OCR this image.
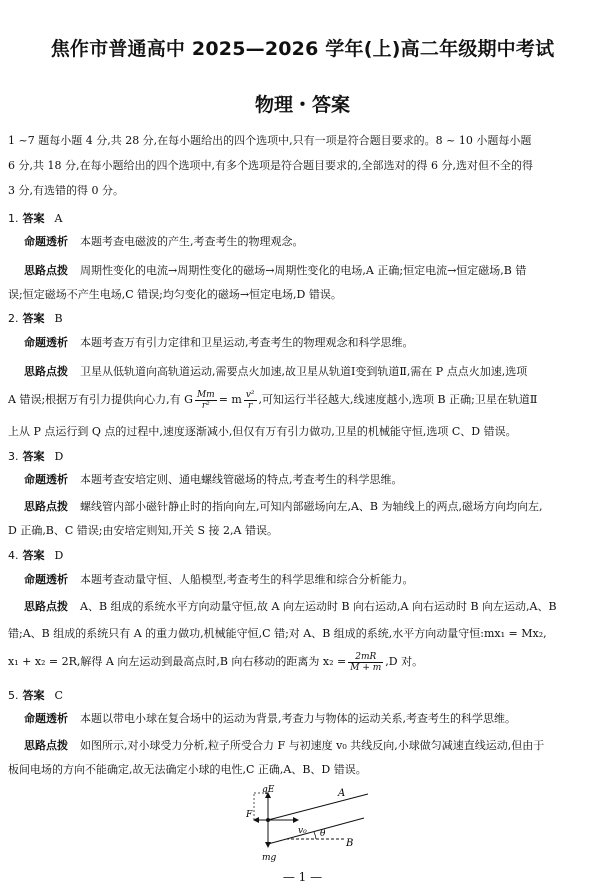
焦作市普通高中 2025—2026 学年(上)高二年级期中考试
物理・答案
1 ~7 题每小题 4 分,共 28 分,在每小题给出的四个选项中,只有一项是符合题目要求的。8 ~ 10 小题每小题
6 分,共 18 分,在每小题给出的四个选项中,有多个选项是符合题目要求的,全部选对的得 6 分,选对但不全的得
3 分,有选错的得 0 分。
1. 答案 A
命题透析 本题考查电磁波的产生,考查考生的物理观念。
思路点拨 周期性变化的电流→周期性变化的磁场→周期性变化的电场,A 正确;恒定电流→恒定磁场,B 错
误;恒定磁场不产生电场,C 错误;均匀变化的磁场→恒定电场,D 错误。
2. 答案 B
命题透析 本题考查万有引力定律和卫星运动,考查考生的物理观念和科学思维。
思路点拨 卫星从低轨道向高轨道运动,需要点火加速,故卫星从轨道Ⅰ变到轨道Ⅱ,需在 P 点点火加速,选项
A 错误;根据万有引力提供向心力,有 G $\frac{Mm}{\text{r²}} = m \frac{\text{v²}}{r}$ ,可知运行半径越大,线速度越小,选项 B 正确;卫星在轨道Ⅱ
上从 P 点运行到 Q 点的过程中,速度逐渐减小,但仅有万有引力做功,卫星的机械能守恒,选项 C、D 错误。
3. 答案 D
命题透析 本题考查安培定则、通电螺线管磁场的特点,考查考生的科学思维。
思路点拨 螺线管内部小磁针静止时的指向向左,可知内部磁场向左,A、B 为轴线上的两点,磁场方向均向左,
D 正确,B、C 错误;由安培定则知,开关 S 接 2,A 错误。
4. 答案 D
命题透析 本题考查动量守恒、人船模型,考查考生的科学思维和综合分析能力。
思路点拨 A、B 组成的系统水平方向动量守恒,故 A 向左运动时 B 向右运动,A 向右运动时 B 向左运动,A、B
错;A、B 组成的系统只有 A 的重力做功,机械能守恒,C 错;对 A、B 组成的系统,水平方向动量守恒:mx₁ = Mx₂,
x₁ + x₂ = 2R,解得 A 向左运动到最高点时,B 向右移动的距离为 $x_2 = \frac{2mR}{M + m} ,D$ 对。
5. 答案 C
命题透析 本题以带电小球在复合场中的运动为背景,考查力与物体的运动关系,考查考生的科学思维。
思路点拨 如图所示,对小球受力分析,粒子所受合力 F 与初速度 v₀ 共线反向,小球做匀减速直线运动,但由于
板间电场的方向不能确定,故无法确定小球的电性,C 正确,A、B、D 错误。
qE	A
B
F
v₀ θ
mg
— 1 —
